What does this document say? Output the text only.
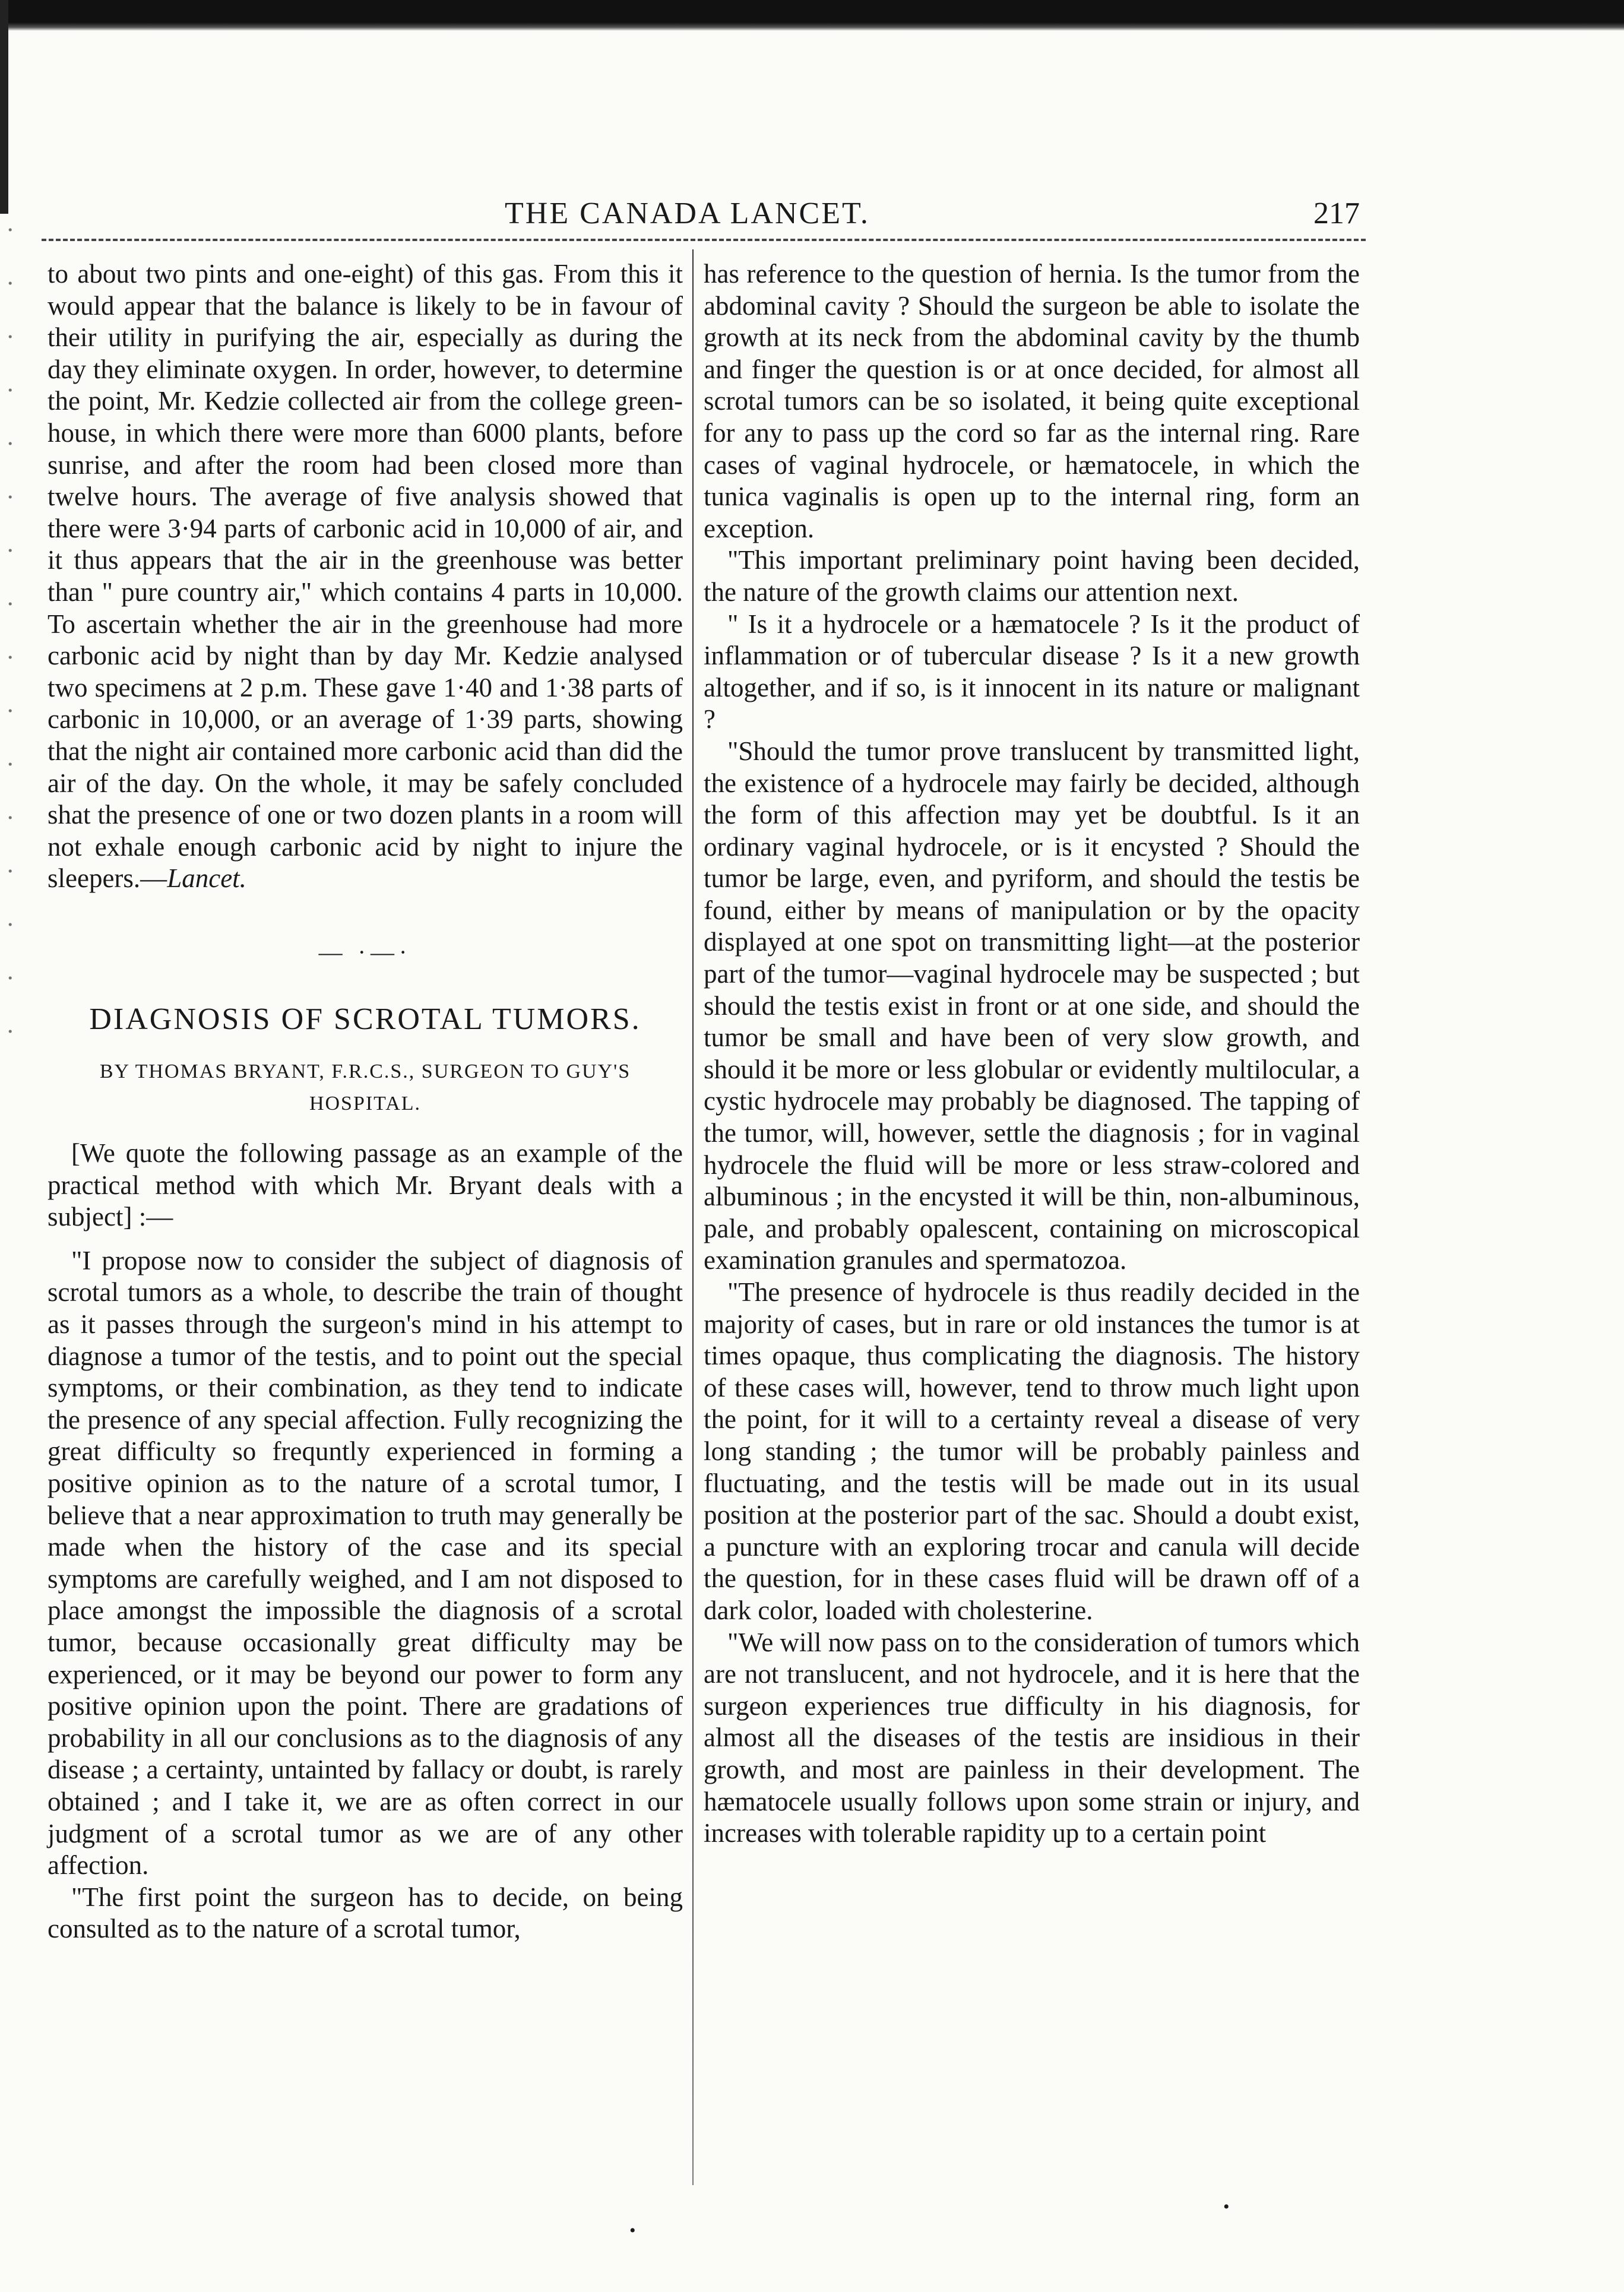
THE CANADA LANCET.	217

to about two pints and one-eight) of this gas. From this it would appear that the balance is likely to be in favour of their utility in purifying the air, especially as during the day they eliminate oxygen. In order, however, to determine the point, Mr. Kedzie collected air from the college green-house, in which there were more than 6000 plants, before sunrise, and after the room had been closed more than twelve hours. The average of five analysis showed that there were 3·94 parts of carbonic acid in 10,000 of air, and it thus appears that the air in the greenhouse was better than " pure country air," which contains 4 parts in 10,000. To ascertain whether the air in the greenhouse had more carbonic acid by night than by day Mr. Kedzie analysed two specimens at 2 p.m. These gave 1·40 and 1·38 parts of carbonic in 10,000, or an average of 1·39 parts, showing that the night air contained more carbonic acid than did the air of the day. On the whole, it may be safely concluded shat the presence of one or two dozen plants in a room will not exhale enough carbonic acid by night to injure the sleepers.—Lancet.

— ·—·
DIAGNOSIS OF SCROTAL TUMORS.
BY THOMAS BRYANT, F.R.C.S., SURGEON TO GUY'S
HOSPITAL.

[We quote the following passage as an example of the practical method with which Mr. Bryant deals with a subject] :—

"I propose now to consider the subject of diagnosis of scrotal tumors as a whole, to describe the train of thought as it passes through the surgeon's mind in his attempt to diagnose a tumor of the testis, and to point out the special symptoms, or their combination, as they tend to indicate the presence of any special affection. Fully recognizing the great difficulty so frequntly experienced in forming a positive opinion as to the nature of a scrotal tumor, I believe that a near approximation to truth may generally be made when the history of the case and its special symptoms are carefully weighed, and I am not disposed to place amongst the impossible the diagnosis of a scrotal tumor, because occasionally great difficulty may be experienced, or it may be beyond our power to form any positive opinion upon the point. There are gradations of probability in all our conclusions as to the diagnosis of any disease ; a certainty, untainted by fallacy or doubt, is rarely obtained ; and I take it, we are as often correct in our judgment of a scrotal tumor as we are of any other affection.

"The first point the surgeon has to decide, on being consulted as to the nature of a scrotal tumor,

has reference to the question of hernia. Is the tumor from the abdominal cavity ? Should the surgeon be able to isolate the growth at its neck from the abdominal cavity by the thumb and finger the question is or at once decided, for almost all scrotal tumors can be so isolated, it being quite exceptional for any to pass up the cord so far as the internal ring. Rare cases of vaginal hydrocele, or hæmatocele, in which the tunica vaginalis is open up to the internal ring, form an exception.

"This important preliminary point having been decided, the nature of the growth claims our attention next.

" Is it a hydrocele or a hæmatocele ? Is it the product of inflammation or of tubercular disease ? Is it a new growth altogether, and if so, is it innocent in its nature or malignant ?

"Should the tumor prove translucent by transmitted light, the existence of a hydrocele may fairly be decided, although the form of this affection may yet be doubtful. Is it an ordinary vaginal hydrocele, or is it encysted ? Should the tumor be large, even, and pyriform, and should the testis be found, either by means of manipulation or by the opacity displayed at one spot on transmitting light—at the posterior part of the tumor—vaginal hydrocele may be suspected ; but should the testis exist in front or at one side, and should the tumor be small and have been of very slow growth, and should it be more or less globular or evidently multilocular, a cystic hydrocele may probably be diagnosed. The tapping of the tumor, will, however, settle the diagnosis ; for in vaginal hydrocele the fluid will be more or less straw-colored and albuminous ; in the encysted it will be thin, non-albuminous, pale, and probably opalescent, containing on microscopical examination granules and spermatozoa.

"The presence of hydrocele is thus readily decided in the majority of cases, but in rare or old instances the tumor is at times opaque, thus complicating the diagnosis. The history of these cases will, however, tend to throw much light upon the point, for it will to a certainty reveal a disease of very long standing ; the tumor will be probably painless and fluctuating, and the testis will be made out in its usual position at the posterior part of the sac. Should a doubt exist, a puncture with an exploring trocar and canula will decide the question, for in these cases fluid will be drawn off of a dark color, loaded with cholesterine.

"We will now pass on to the consideration of tumors which are not translucent, and not hydrocele, and it is here that the surgeon experiences true difficulty in his diagnosis, for almost all the diseases of the testis are insidious in their growth, and most are painless in their development. The hæmatocele usually follows upon some strain or injury, and increases with tolerable rapidity up to a certain point

•
•
